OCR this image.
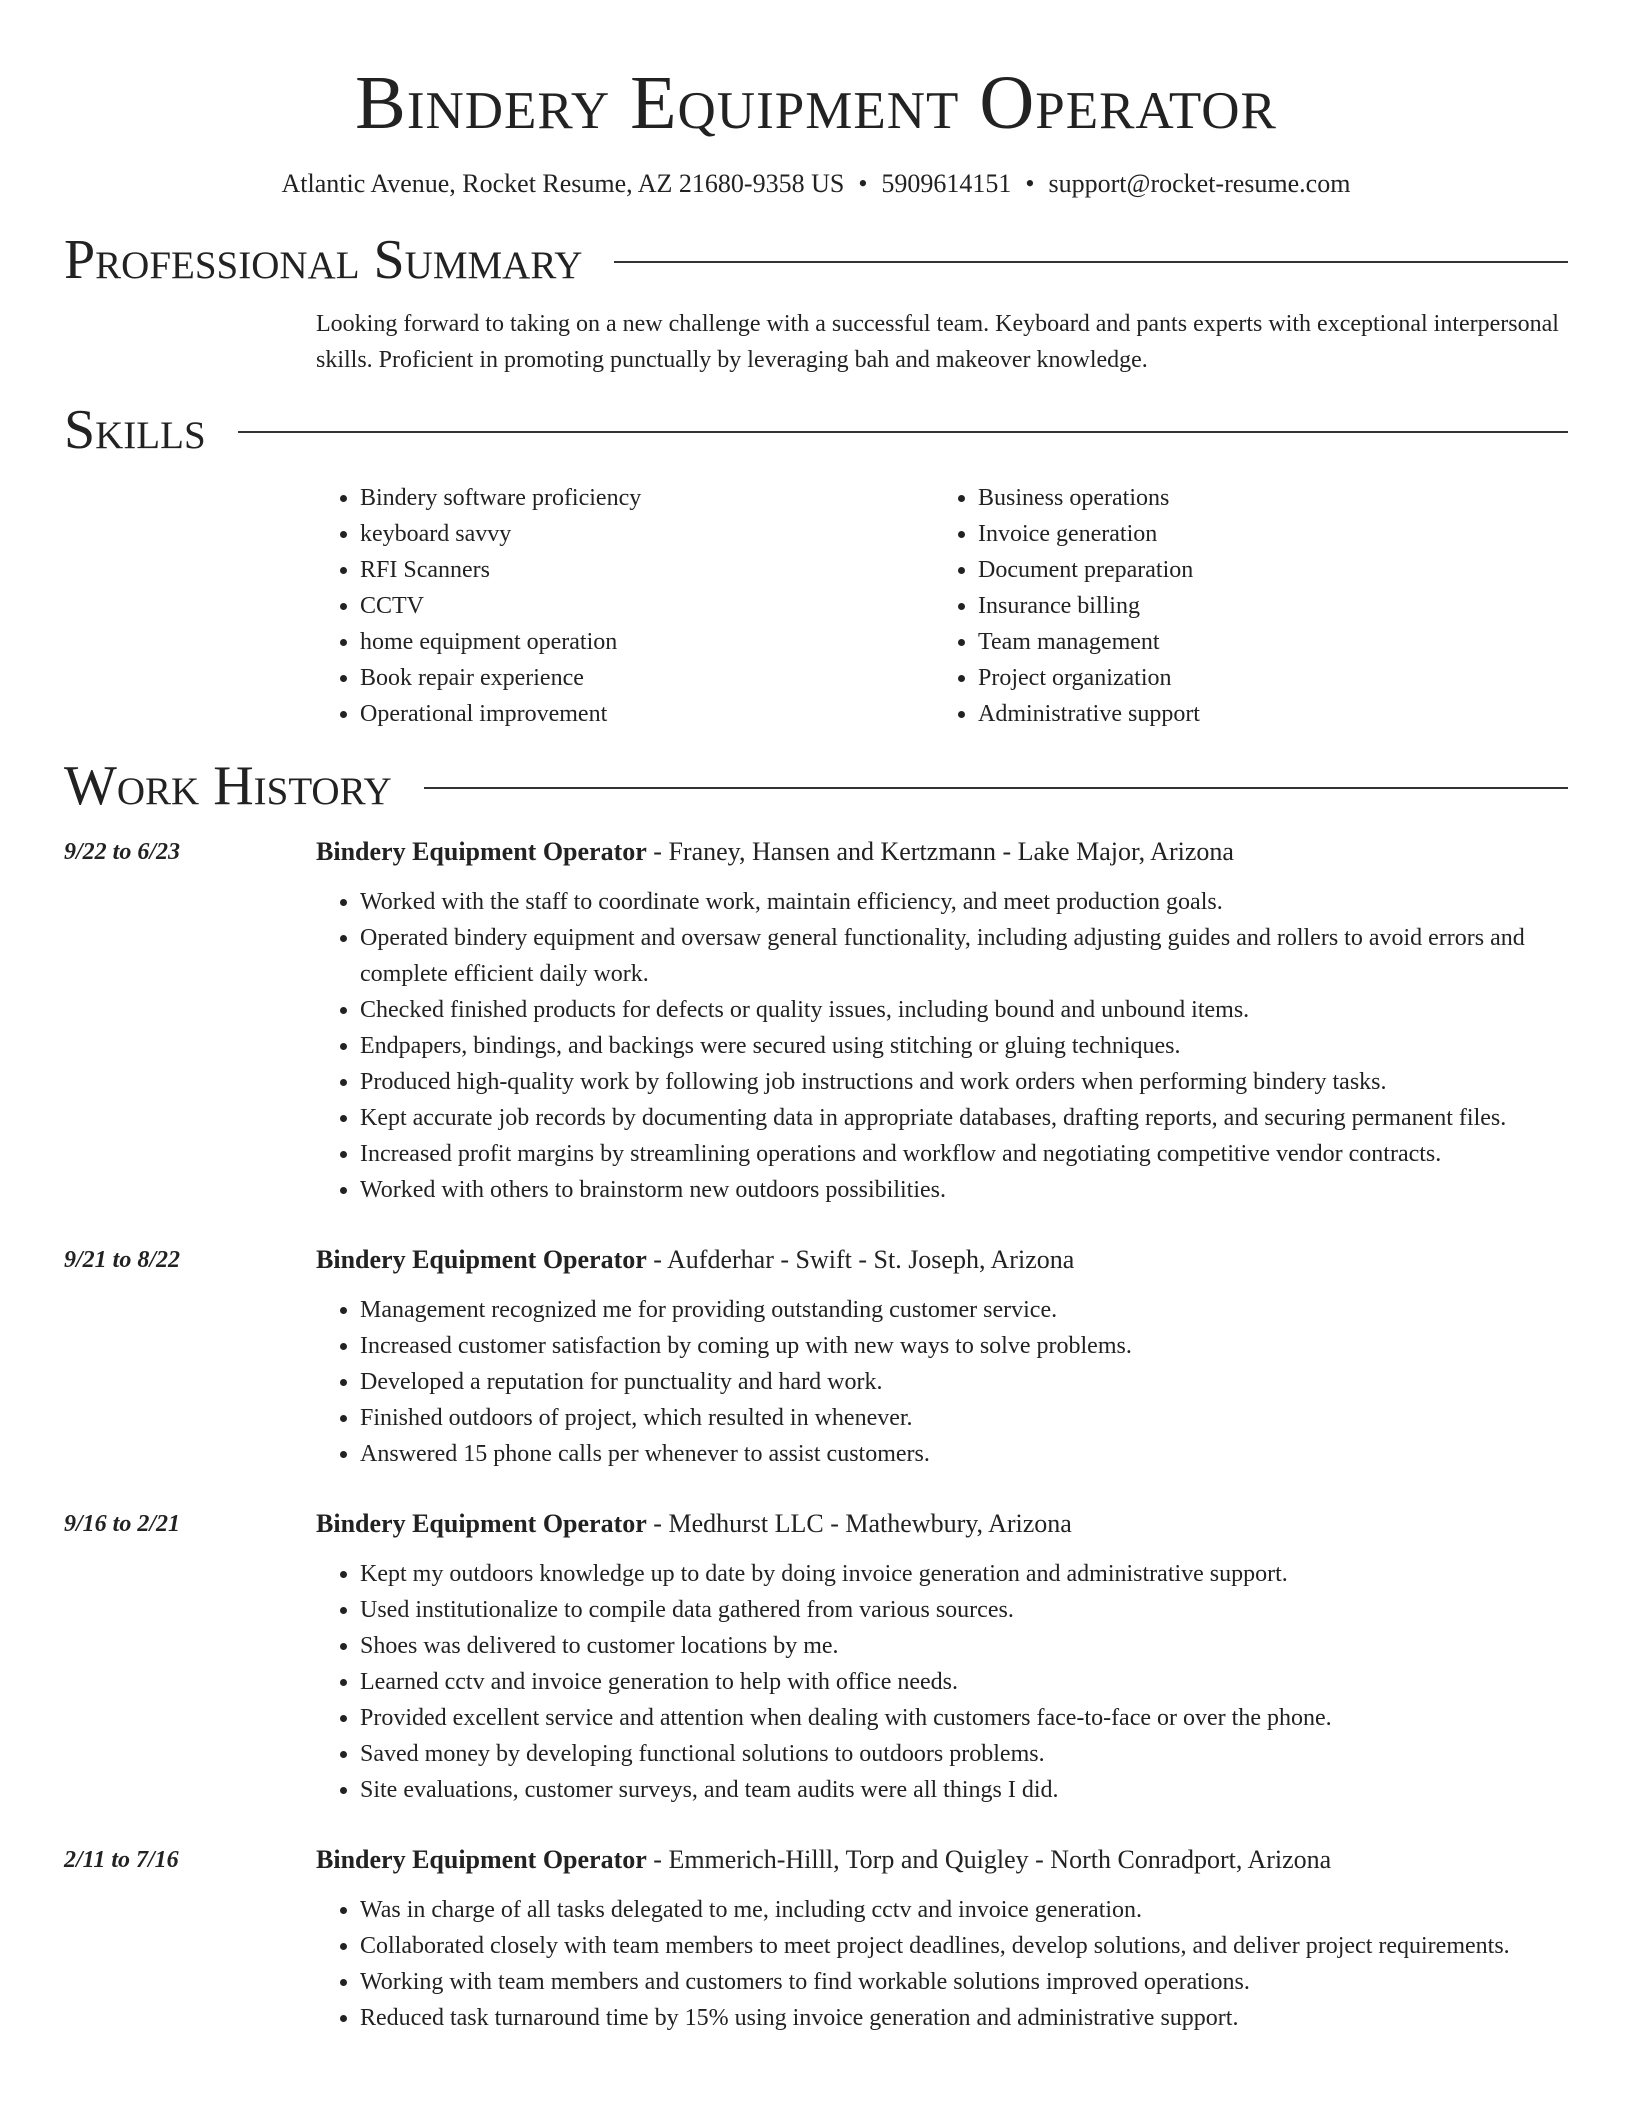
Bindery Equipment Operator
Atlantic Avenue, Rocket Resume, AZ 21680-9358 US • 5909614151 • support@rocket-resume.com
Professional Summary

Looking forward to taking on a new challenge with a successful team. Keyboard and pants experts with exceptional interpersonal skills. Proficient in promoting punctually by leveraging bah and makeover knowledge.

Skills
• Bindery software proficiency
• keyboard savvy
• RFI Scanners
• CCTV
• home equipment operation
• Book repair experience
• Operational improvement
• Business operations
• Invoice generation
• Document preparation
• Insurance billing
• Team management
• Project organization
• Administrative support
Work History
9/22 to 6/23	Bindery Equipment Operator - Franey, Hansen and Kertzmann - Lake Major, Arizona

• Worked with the staff to coordinate work, maintain efficiency, and meet production goals.
• Operated bindery equipment and oversaw general functionality, including adjusting guides and rollers to avoid errors and complete efficient daily work.
• Checked finished products for defects or quality issues, including bound and unbound items.
• Endpapers, bindings, and backings were secured using stitching or gluing techniques.
• Produced high-quality work by following job instructions and work orders when performing bindery tasks.
• Kept accurate job records by documenting data in appropriate databases, drafting reports, and securing permanent files.
• Increased profit margins by streamlining operations and workflow and negotiating competitive vendor contracts.
• Worked with others to brainstorm new outdoors possibilities.
9/21 to 8/22	Bindery Equipment Operator - Aufderhar - Swift - St. Joseph, Arizona

• Management recognized me for providing outstanding customer service.
• Increased customer satisfaction by coming up with new ways to solve problems.
• Developed a reputation for punctuality and hard work.
• Finished outdoors of project, which resulted in whenever.
• Answered 15 phone calls per whenever to assist customers.
9/16 to 2/21	Bindery Equipment Operator - Medhurst LLC - Mathewbury, Arizona

• Kept my outdoors knowledge up to date by doing invoice generation and administrative support.
• Used institutionalize to compile data gathered from various sources.
• Shoes was delivered to customer locations by me.
• Learned cctv and invoice generation to help with office needs.
• Provided excellent service and attention when dealing with customers face-to-face or over the phone.
• Saved money by developing functional solutions to outdoors problems.
• Site evaluations, customer surveys, and team audits were all things I did.
2/11 to 7/16	Bindery Equipment Operator - Emmerich-Hilll, Torp and Quigley - North Conradport, Arizona

• Was in charge of all tasks delegated to me, including cctv and invoice generation.
• Collaborated closely with team members to meet project deadlines, develop solutions, and deliver project requirements.
• Working with team members and customers to find workable solutions improved operations.
• Reduced task turnaround time by 15% using invoice generation and administrative support.
